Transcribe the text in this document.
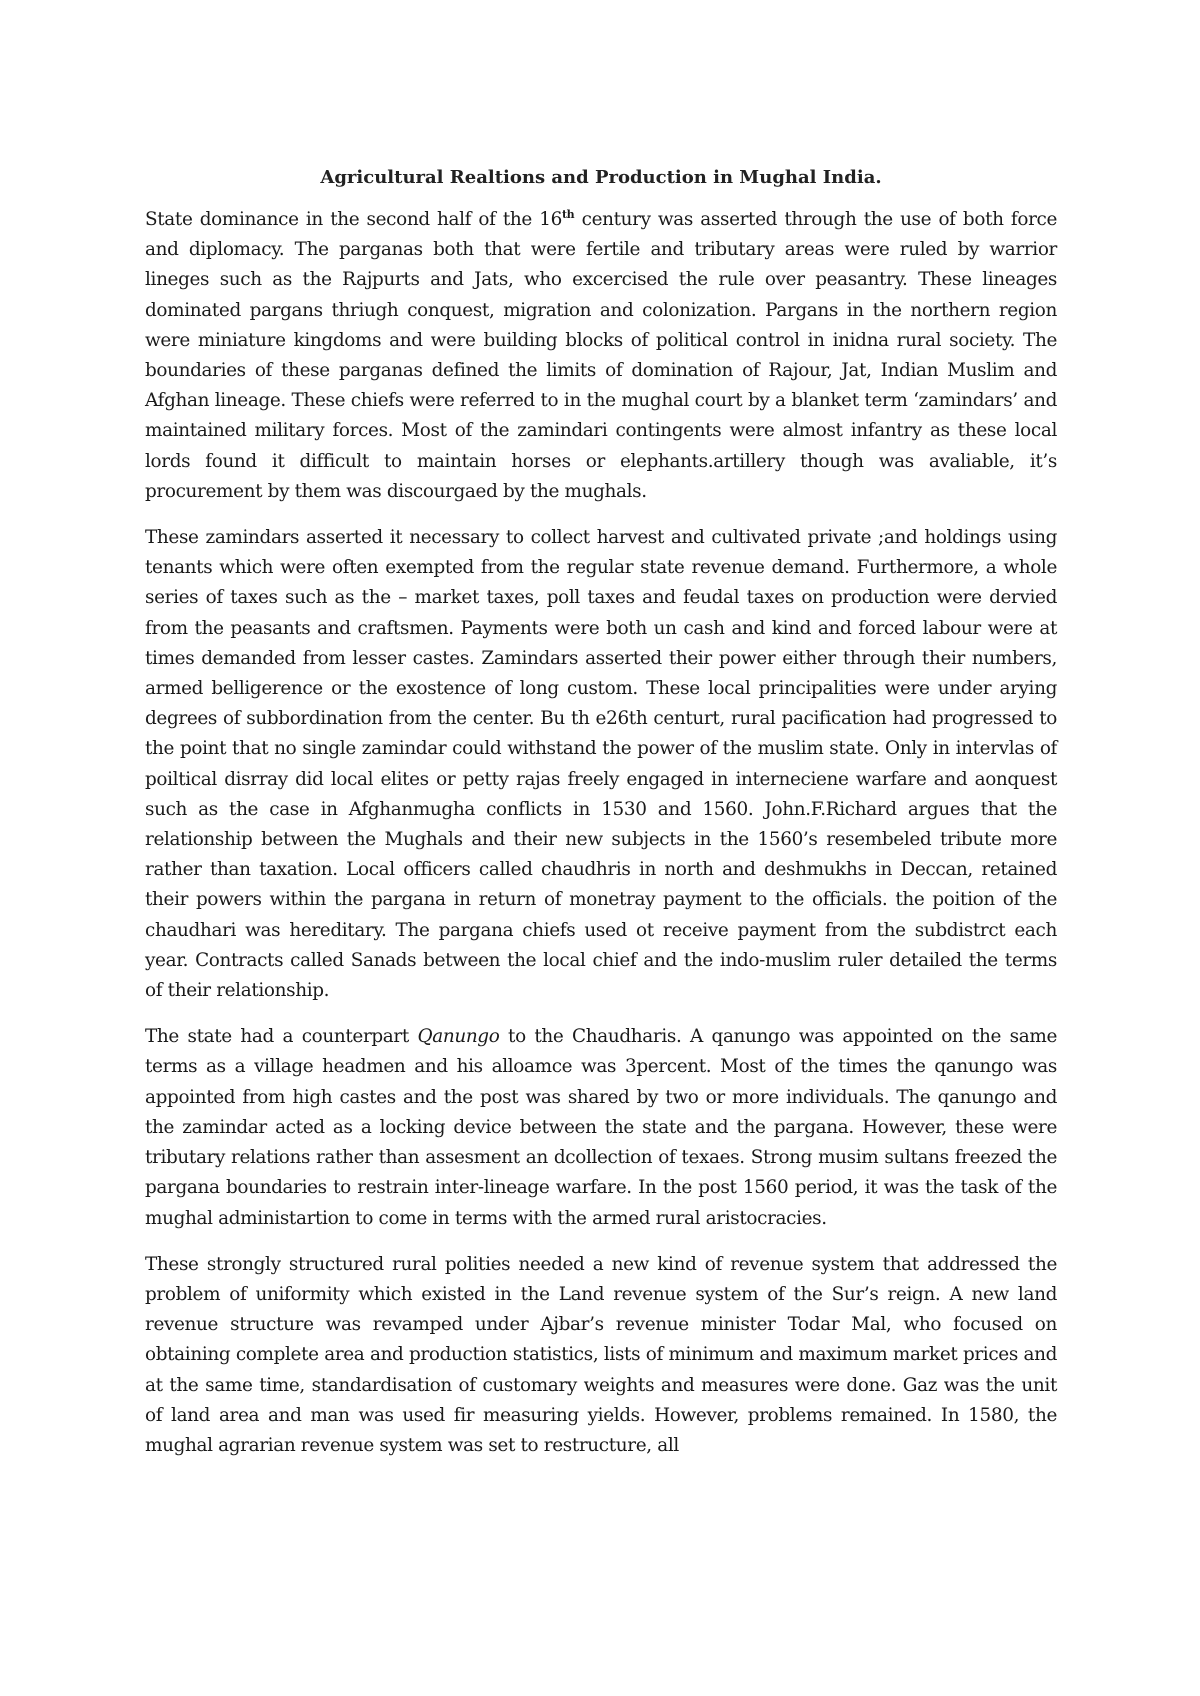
Agricultural Realtions and Production in Mughal India.

State dominance in the second half of the 16th century was asserted through the use of both force and diplomacy. The parganas both that were fertile and tributary areas were ruled by warrior lineges such as the Rajpurts and Jats, who excercised the rule over peasantry. These lineages dominated pargans thriugh conquest, migration and colonization. Pargans in the northern region were miniature kingdoms and were building blocks of political control in inidna rural society. The boundaries of these parganas defined the limits of domination of Rajour, Jat, Indian Muslim and Afghan lineage. These chiefs were referred to in the mughal court by a blanket term ‘zamindars’ and maintained military forces. Most of the zamindari contingents were almost infantry as these local lords found it difficult to maintain horses or elephants.artillery though was avaliable, it’s procurement by them was discourgaed by the mughals.

These zamindars asserted it necessary to collect harvest and cultivated private ;and holdings using tenants which were often exempted from the regular state revenue demand. Furthermore, a whole series of taxes such as the – market taxes, poll taxes and feudal taxes on production were dervied from the peasants and craftsmen. Payments were both un cash and kind and forced labour were at times demanded from lesser castes. Zamindars asserted their power either through their numbers, armed belligerence or the exostence of long custom. These local principalities were under arying degrees of subbordination from the center. Bu th e26th centurt, rural pacification had progressed to the point that no single zamindar could withstand the power of the muslim state. Only in intervlas of poiltical disrray did local elites or petty rajas freely engaged in interneciene warfare and aonquest such as the case in Afghanmugha conflicts in 1530 and 1560. John.F.Richard argues that the relationship between the Mughals and their new subjects in the 1560’s resembeled tribute more rather than taxation. Local officers called chaudhris in north and deshmukhs in Deccan, retained their powers within the pargana in return of monetray payment to the officials. the poition of the chaudhari was hereditary. The pargana chiefs used ot receive payment from the subdistrct each year. Contracts called Sanads between the local chief and the indo-muslim ruler detailed the terms of their relationship.

The state had a counterpart Qanungo to the Chaudharis. A qanungo was appointed on the same terms as a village headmen and his alloamce was 3percent. Most of the times the qanungo was appointed from high castes and the post was shared by two or more individuals. The qanungo and the zamindar acted as a locking device between the state and the pargana. However, these were tributary relations rather than assesment an dcollection of texaes. Strong musim sultans freezed the pargana boundaries to restrain inter-lineage warfare. In the post 1560 period, it was the task of the mughal administartion to come in terms with the armed rural aristocracies.

These strongly structured rural polities needed a new kind of revenue system that addressed the problem of uniformity which existed in the Land revenue system of the Sur’s reign. A new land revenue structure was revamped under Ajbar’s revenue minister Todar Mal, who focused on obtaining complete area and production statistics, lists of minimum and maximum market prices and at the same time, standardisation of customary weights and measures were done. Gaz was the unit of land area and man was used fir measuring yields. However, problems remained. In 1580, the mughal agrarian revenue system was set to restructure, all
